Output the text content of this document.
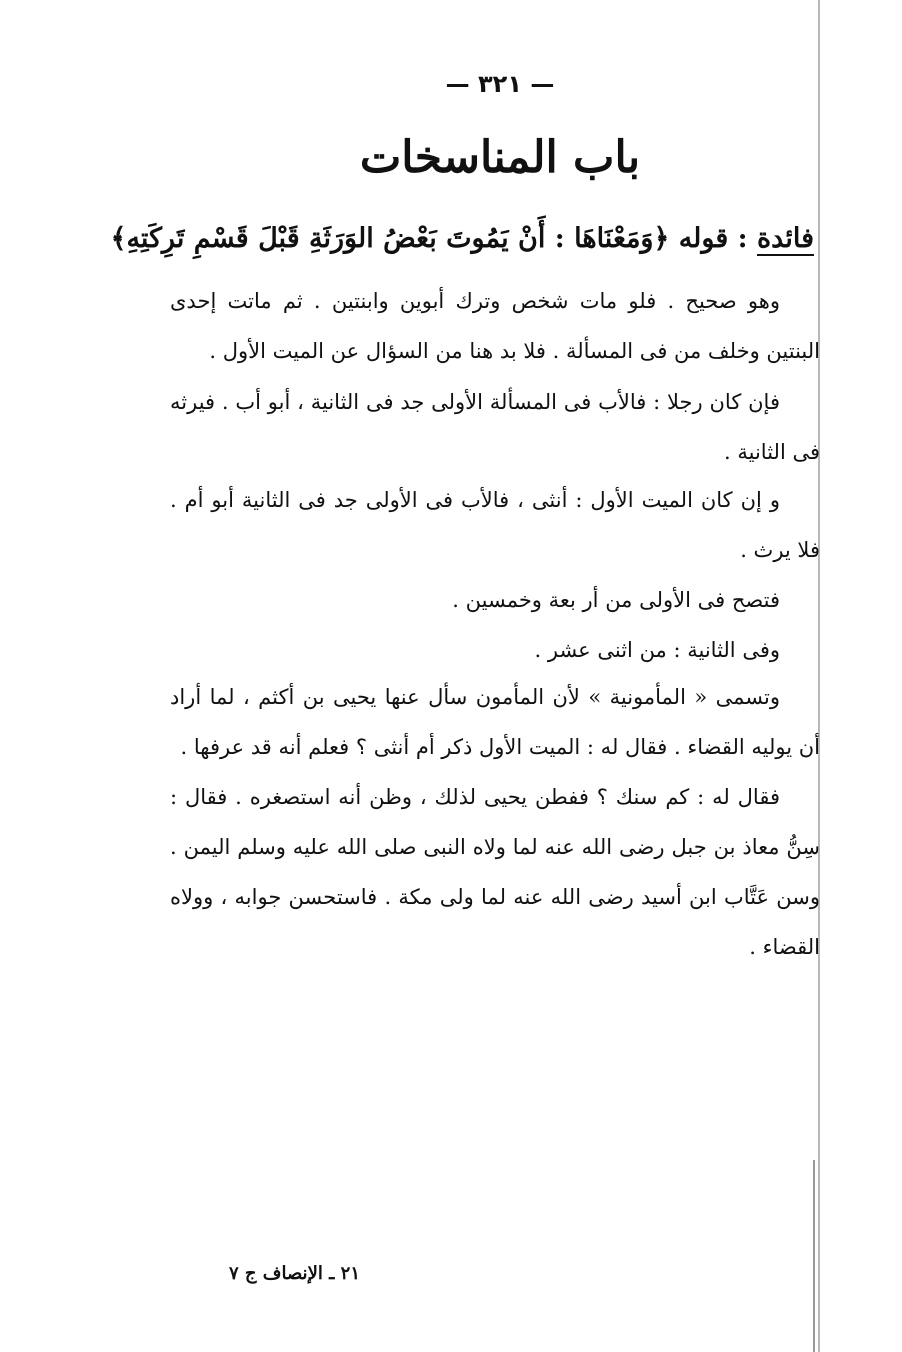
— ٣٢١ —
باب المناسخات
فائدة : قوله ﴿وَمَعْنَاهَا : أَنْ يَمُوتَ بَعْضُ الوَرَثَةِ قَبْلَ قَسْمِ تَرِكَتِهِ﴾

وهو صحيح . فلو مات شخص وترك أبوين وابنتين . ثم ماتت إحدى البنتين وخلف من فى المسألة . فلا بد هنا من السؤال عن الميت الأول .

فإن كان رجلا : فالأب فى المسألة الأولى جد فى الثانية ، أبو أب . فيرثه فى الثانية .

و إن كان الميت الأول : أنثى ، فالأب فى الأولى جد فى الثانية أبو أم . فلا يرث .

فتصح فى الأولى من أر بعة وخمسين .

وفى الثانية : من اثنى عشر .

وتسمى « المأمونية » لأن المأمون سأل عنها يحيى بن أكثم ، لما أراد أن يوليه القضاء . فقال له : الميت الأول ذكر أم أنثى ؟ فعلم أنه قد عرفها .

فقال له : كم سنك ؟ ففطن يحيى لذلك ، وظن أنه استصغره . فقال : سِنُّ معاذ بن جبل رضى الله عنه لما ولاه النبى صلى الله عليه وسلم اليمن . وسن عَتَّاب ابن أسيد رضى الله عنه لما ولى مكة . فاستحسن جوابه ، وولاه القضاء .

٢١ ـ الإنصاف ج ٧
